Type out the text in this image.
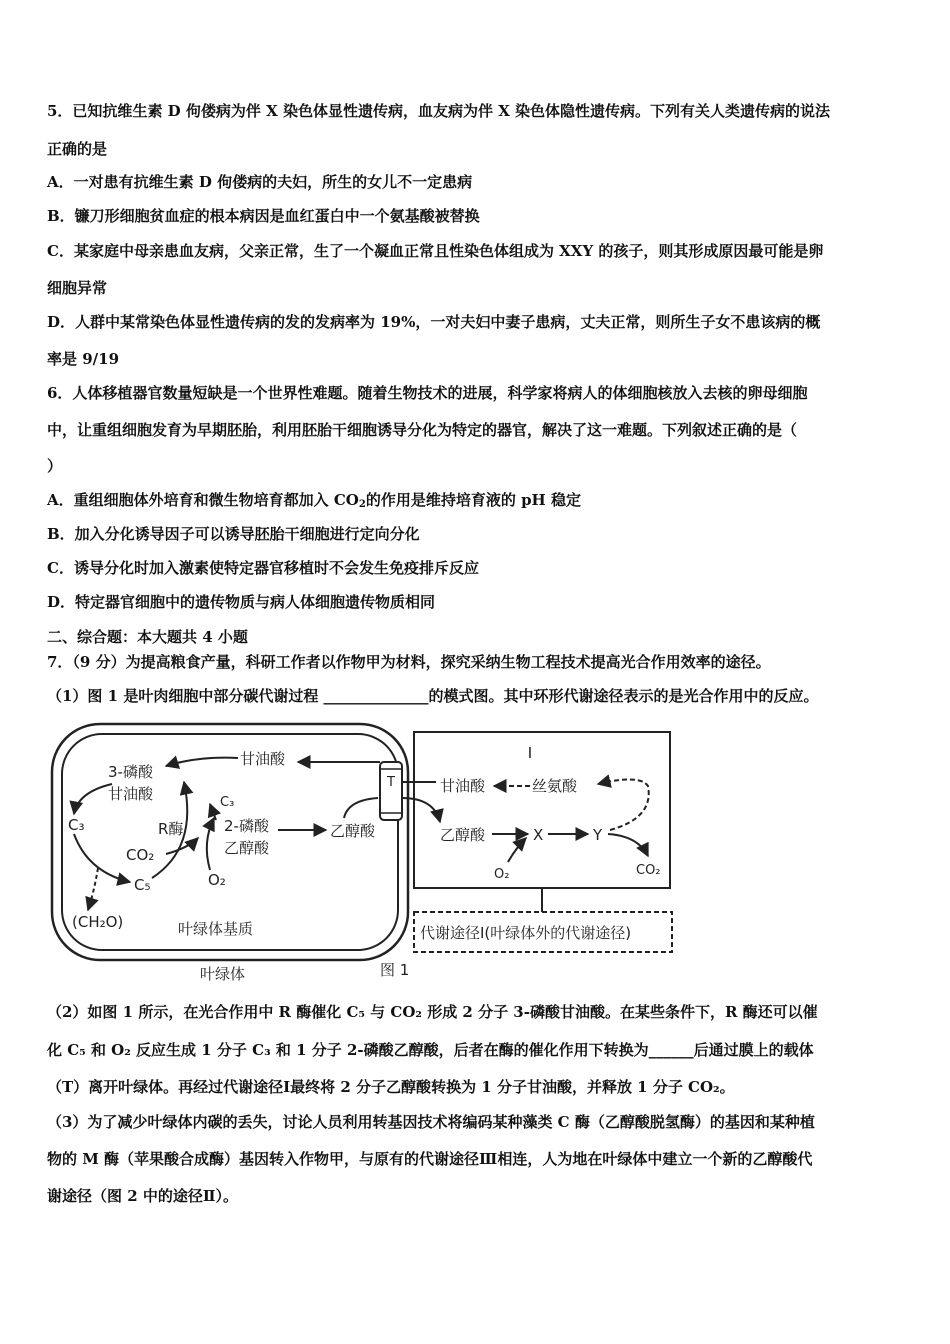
5．已知抗维生素 D 佝偻病为伴 X 染色体显性遗传病，血友病为伴 X 染色体隐性遗传病。下列有关人类遗传病的说法
正确的是
A．一对患有抗维生素 D 佝偻病的夫妇，所生的女儿不一定患病
B．镰刀形细胞贫血症的根本病因是血红蛋白中一个氨基酸被替换
C．某家庭中母亲患血友病，父亲正常，生了一个凝血正常且性染色体组成为 XXY 的孩子，则其形成原因最可能是卵
细胞异常
D．人群中某常染色体显性遗传病的发的发病率为 19%，一对夫妇中妻子患病，丈夫正常，则所生子女不患该病的概
率是 9/19
6．人体移植器官数量短缺是一个世界性难题。随着生物技术的进展，科学家将病人的体细胞核放入去核的卵母细胞
中，让重组细胞发育为早期胚胎，利用胚胎干细胞诱导分化为特定的器官，解决了这一难题。下列叙述正确的是（
）
A．重组细胞体外培育和微生物培育都加入 $CO_2$的作用是维持培育液的 pH 稳定
B．加入分化诱导因子可以诱导胚胎干细胞进行定向分化
C．诱导分化时加入激素使特定器官移植时不会发生免疫排斥反应
D．特定器官细胞中的遗传物质与病人体细胞遗传物质相同
二、综合题：本大题共 4 小题
7．（9 分）为提高粮食产量，科研工作者以作物甲为材料，探究采纳生物工程技术提高光合作用效率的途径。
（1）图 1 是叶肉细胞中部分碳代谢过程 ______________的模式图。其中环形代谢途径表示的是光合作用中的反应。
T
I
甘油酸
3-磷酸
甘油酸
C₃	R酶
C₃
2-磷酸
乙醇酸
CO₂
C₅	O₂
(CH₂O)	叶绿体基质
乙醇酸
叶绿体
甘油酸	丝氨酸
乙醇酸	X	Y
O₂	CO₂
代谢途径Ⅰ(叶绿体外的代谢途径)
图 1
（2）如图 1 所示，在光合作用中 R 酶催化 C₅ 与 CO₂ 形成 2 分子 3-磷酸甘油酸。在某些条件下，R 酶还可以催
化 C₅ 和 O₂ 反应生成 1 分子 C₃ 和 1 分子 2-磷酸乙醇酸，后者在酶的催化作用下转换为______后通过膜上的载体
（T）离开叶绿体。再经过代谢途径Ⅰ最终将 2 分子乙醇酸转换为 1 分子甘油酸，并释放 1 分子 CO₂。
（3）为了减少叶绿体内碳的丢失，讨论人员利用转基因技术将编码某种藻类 C 酶（乙醇酸脱氢酶）的基因和某种植
物的 M 酶（苹果酸合成酶）基因转入作物甲，与原有的代谢途径Ⅲ相连，人为地在叶绿体中建立一个新的乙醇酸代
谢途径（图 2 中的途径Ⅱ）。
